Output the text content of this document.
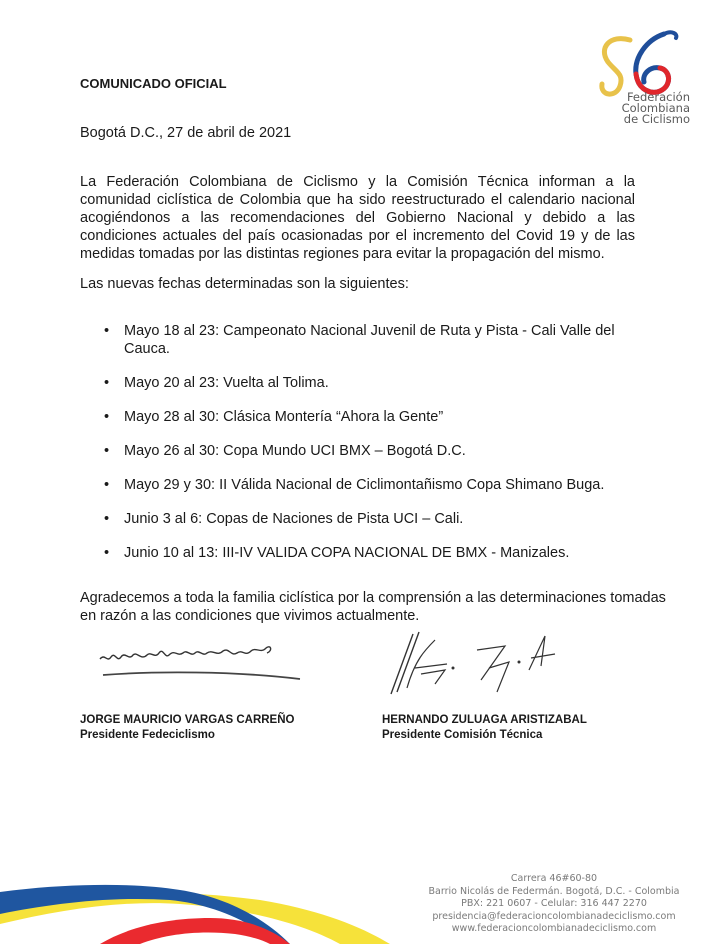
Federación
Colombiana
de Ciclismo
COMUNICADO OFICIAL
Bogotá D.C., 27 de abril de 2021
La Federación Colombiana de Ciclismo y la Comisión Técnica informan a la comunidad ciclística de Colombia que ha sido reestructurado el calendario nacional acogiéndonos a las recomendaciones del Gobierno Nacional y debido a las condiciones actuales del país ocasionadas por el incremento del Covid 19 y de las medidas tomadas por las distintas regiones para evitar la propagación del mismo.
Las nuevas fechas determinadas son la siguientes:
• Mayo 18 al 23: Campeonato Nacional Juvenil de Ruta y Pista - Cali Valle del Cauca.
• Mayo 20 al 23: Vuelta al Tolima.
• Mayo 28 al 30: Clásica Montería “Ahora la Gente”
• Mayo 26 al 30: Copa Mundo UCI BMX – Bogotá D.C.
• Mayo 29 y 30: II Válida Nacional de Ciclimontañismo Copa Shimano Buga.
• Junio 3 al 6: Copas de Naciones de Pista UCI – Cali.
• Junio 10 al 13: III-IV VALIDA COPA NACIONAL DE BMX - Manizales.
Agradecemos a toda la familia ciclística por la comprensión a las determinaciones tomadas en razón a las condiciones que vivimos actualmente.
JORGE MAURICIO VARGAS CARREÑO
Presidente Fedeciclismo
HERNANDO ZULUAGA ARISTIZABAL
Presidente Comisión Técnica
Carrera 46#60-80
Barrio Nicolás de Federmán. Bogotá, D.C. - Colombia
PBX: 221 0607 - Celular: 316 447 2270
presidencia@federacioncolombianadeciclismo.com
www.federacioncolombianadeciclismo.com
